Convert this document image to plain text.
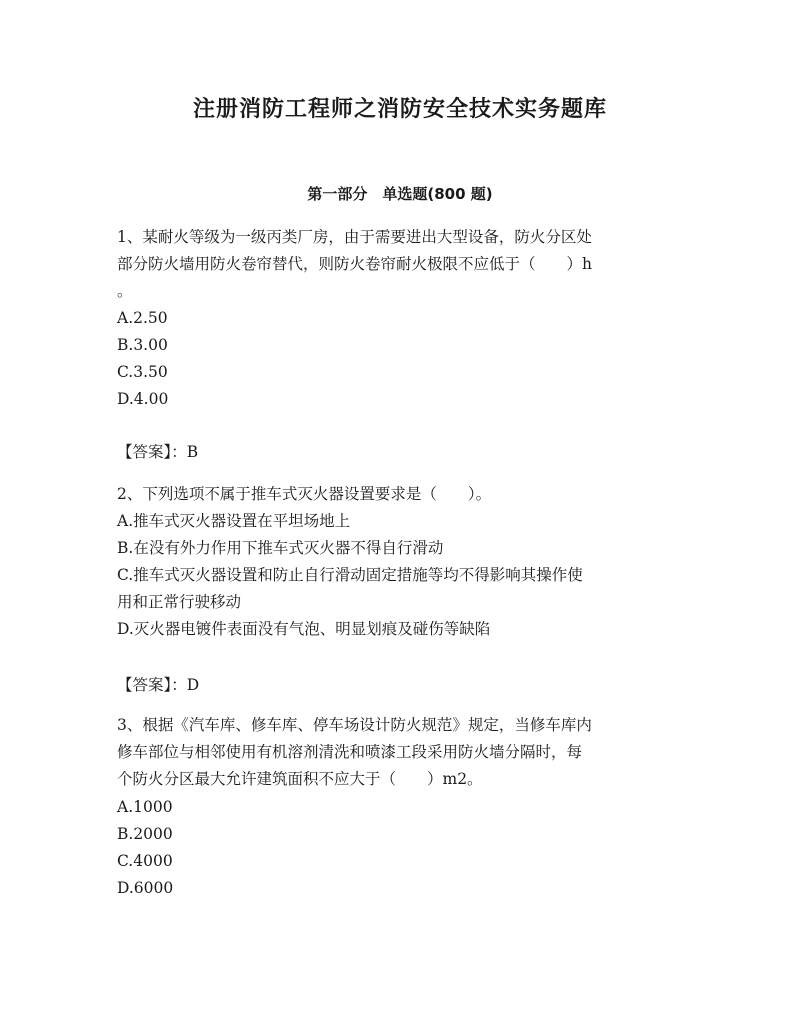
注册消防工程师之消防安全技术实务题库
第一部分　单选题(800 题)
1、某耐火等级为一级丙类厂房，由于需要进出大型设备，防火分区处
部分防火墙用防火卷帘替代，则防火卷帘耐火极限不应低于（　　）h
。
A.2.50
B.3.00
C.3.50
D.4.00
【答案】：B
2、下列选项不属于推车式灭火器设置要求是（　　）。
A.推车式灭火器设置在平坦场地上
B.在没有外力作用下推车式灭火器不得自行滑动
C.推车式灭火器设置和防止自行滑动固定措施等均不得影响其操作使
用和正常行驶移动
D.灭火器电镀件表面没有气泡、明显划痕及碰伤等缺陷
【答案】：D
3、根据《汽车库、修车库、停车场设计防火规范》规定，当修车库内
修车部位与相邻使用有机溶剂清洗和喷漆工段采用防火墙分隔时，每
个防火分区最大允许建筑面积不应大于（　　）m2。
A.1000
B.2000
C.4000
D.6000
